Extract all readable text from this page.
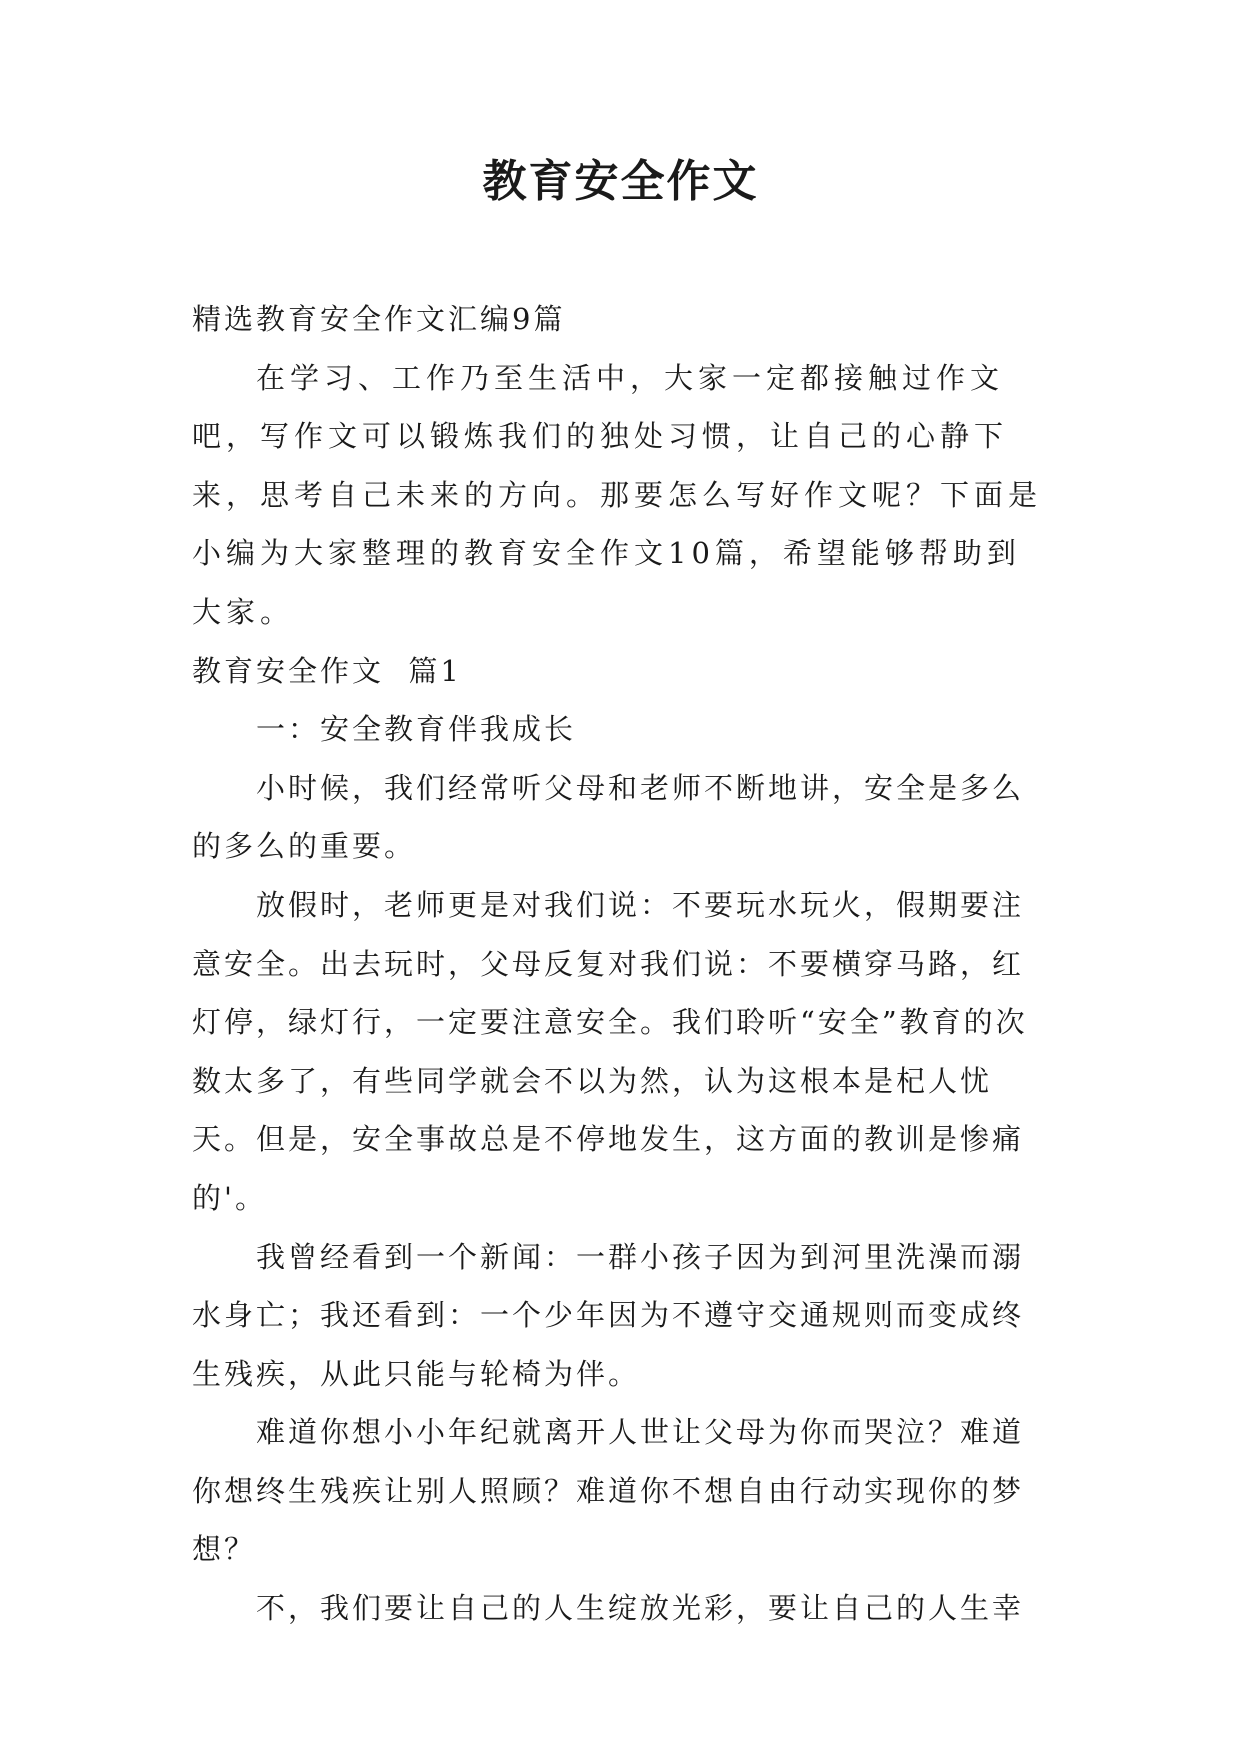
教育安全作文

精选教育安全作文汇编9篇

在学习、工作乃至生活中，大家一定都接触过作文吧，写作文可以锻炼我们的独处习惯，让自己的心静下来，思考自己未来的方向。那要怎么写好作文呢？下面是小编为大家整理的教育安全作文10篇，希望能够帮助到大家。

教育安全作文  篇1

一：安全教育伴我成长

小时候，我们经常听父母和老师不断地讲，安全是多么的多么的重要。

放假时，老师更是对我们说：不要玩水玩火，假期要注意安全。出去玩时，父母反复对我们说：不要横穿马路，红灯停，绿灯行，一定要注意安全。我们聆听“安全”教育的次数太多了，有些同学就会不以为然，认为这根本是杞人忧天。但是，安全事故总是不停地发生，这方面的教训是惨痛的'。

我曾经看到一个新闻：一群小孩子因为到河里洗澡而溺水身亡；我还看到：一个少年因为不遵守交通规则而变成终生残疾，从此只能与轮椅为伴。

难道你想小小年纪就离开人世让父母为你而哭泣？难道你想终生残疾让别人照顾？难道你不想自由行动实现你的梦想？

不，我们要让自己的人生绽放光彩，要让自己的人生幸
